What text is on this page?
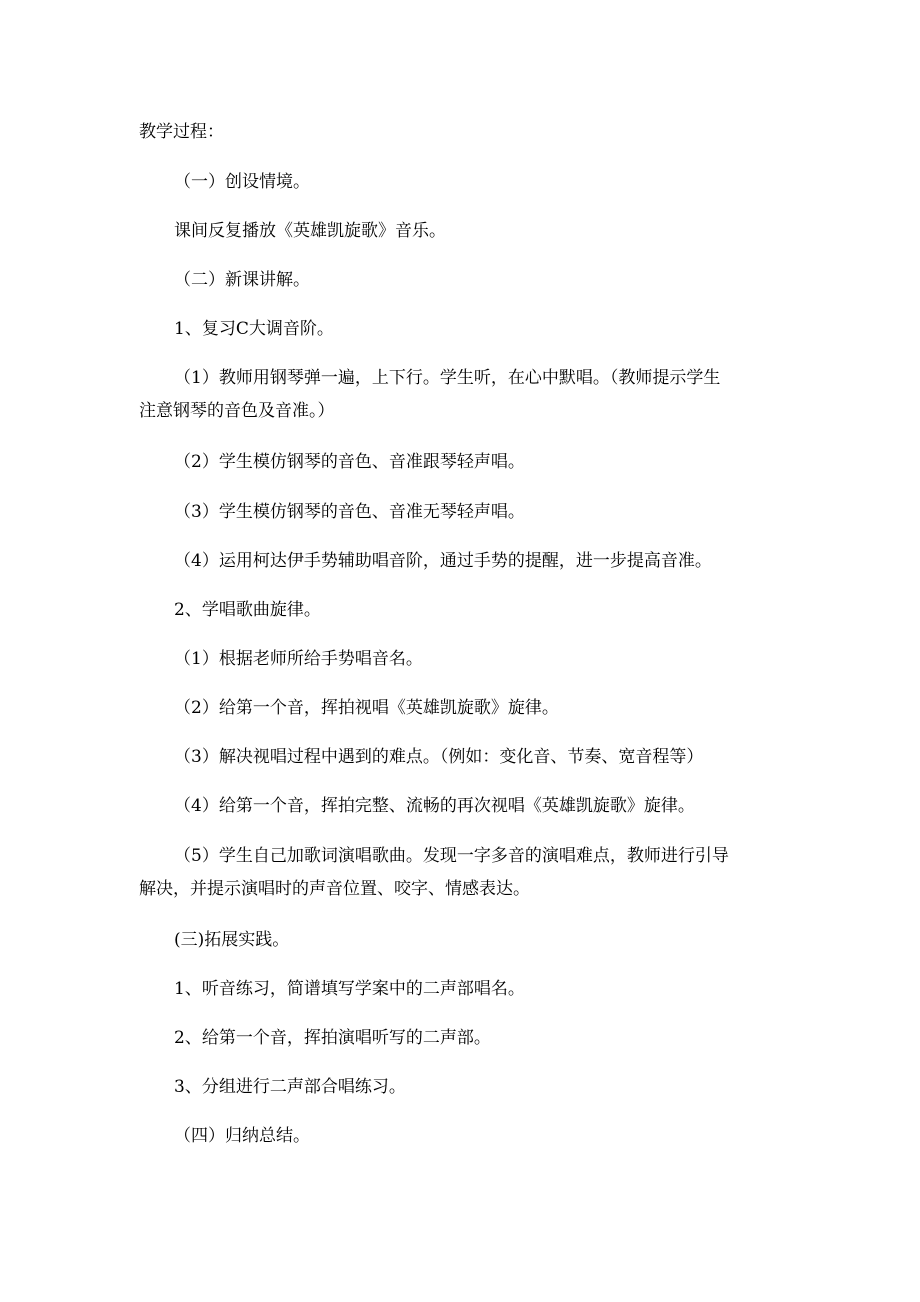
教学过程：

（一）创设情境。

课间反复播放《英雄凯旋歌》音乐。

（二）新课讲解。

1、复习C大调音阶。

（1）教师用钢琴弹一遍，上下行。学生听，在心中默唱。（教师提示学生

注意钢琴的音色及音准。）

（2）学生模仿钢琴的音色、音准跟琴轻声唱。

（3）学生模仿钢琴的音色、音准无琴轻声唱。

（4）运用柯达伊手势辅助唱音阶，通过手势的提醒，进一步提高音准。

2、学唱歌曲旋律。

（1）根据老师所给手势唱音名。

（2）给第一个音，挥拍视唱《英雄凯旋歌》旋律。

（3）解决视唱过程中遇到的难点。（例如：变化音、节奏、宽音程等）

（4）给第一个音，挥拍完整、流畅的再次视唱《英雄凯旋歌》旋律。

（5）学生自己加歌词演唱歌曲。发现一字多音的演唱难点，教师进行引导

解决，并提示演唱时的声音位置、咬字、情感表达。

(三)拓展实践。

1、听音练习，简谱填写学案中的二声部唱名。

2、给第一个音，挥拍演唱听写的二声部。

3、分组进行二声部合唱练习。

（四）归纳总结。
